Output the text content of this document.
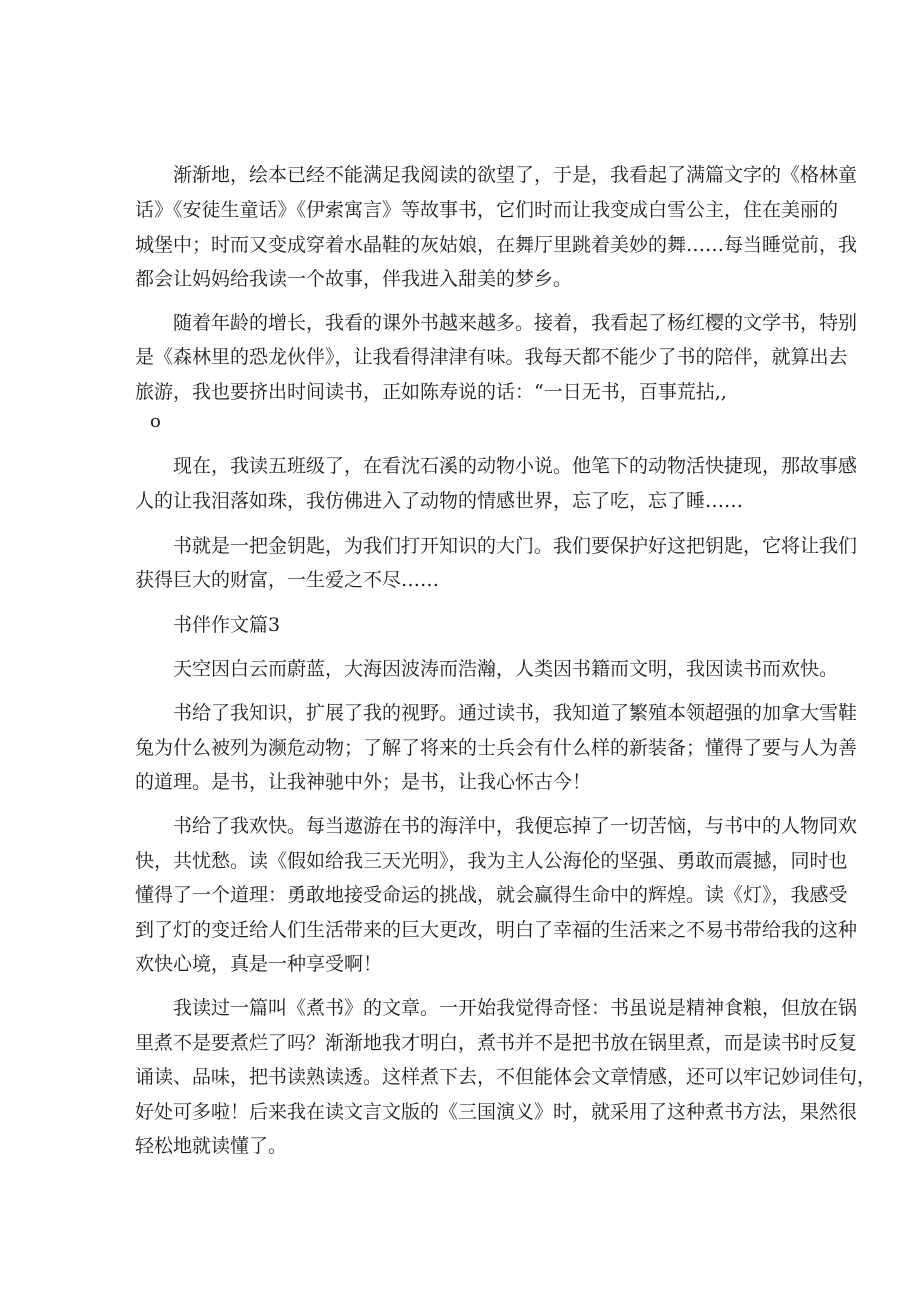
　　渐渐地，绘本已经不能满足我阅读的欲望了，于是，我看起了满篇文字的《格林童
话》《安徒生童话》《伊索寓言》等故事书，它们时而让我变成白雪公主，住在美丽的
城堡中；时而又变成穿着水晶鞋的灰姑娘，在舞厅里跳着美妙的舞……每当睡觉前，我
都会让妈妈给我读一个故事，伴我进入甜美的梦乡。
　　随着年龄的增长，我看的课外书越来越多。接着，我看起了杨红樱的文学书，特别
是《森林里的恐龙伙伴》，让我看得津津有味。我每天都不能少了书的陪伴，就算出去
旅游，我也要挤出时间读书，正如陈寿说的话：“一日无书，百事荒拈,,
o
　　现在，我读五班级了，在看沈石溪的动物小说。他笔下的动物活快捷现，那故事感
人的让我泪落如珠，我仿佛进入了动物的情感世界，忘了吃，忘了睡……
　　书就是一把金钥匙，为我们打开知识的大门。我们要保护好这把钥匙，它将让我们
获得巨大的财富，一生爱之不尽……
　　书伴作文篇3
　　天空因白云而蔚蓝，大海因波涛而浩瀚，人类因书籍而文明，我因读书而欢快。
　　书给了我知识，扩展了我的视野。通过读书，我知道了繁殖本领超强的加拿大雪鞋
兔为什么被列为濒危动物；了解了将来的士兵会有什么样的新装备；懂得了要与人为善
的道理。是书，让我神驰中外；是书，让我心怀古今！
　　书给了我欢快。每当遨游在书的海洋中，我便忘掉了一切苦恼，与书中的人物同欢
快，共忧愁。读《假如给我三天光明》，我为主人公海伦的坚强、勇敢而震撼，同时也
懂得了一个道理：勇敢地接受命运的挑战，就会赢得生命中的辉煌。读《灯》，我感受
到了灯的变迁给人们生活带来的巨大更改，明白了幸福的生活来之不易书带给我的这种
欢快心境，真是一种享受啊！
　　我读过一篇叫《煮书》的文章。一开始我觉得奇怪：书虽说是精神食粮，但放在锅
里煮不是要煮烂了吗？渐渐地我才明白，煮书并不是把书放在锅里煮，而是读书时反复
诵读、品味，把书读熟读透。这样煮下去，不但能体会文章情感，还可以牢记妙词佳句，
好处可多啦！后来我在读文言文版的《三国演义》时，就采用了这种煮书方法，果然很
轻松地就读懂了。
